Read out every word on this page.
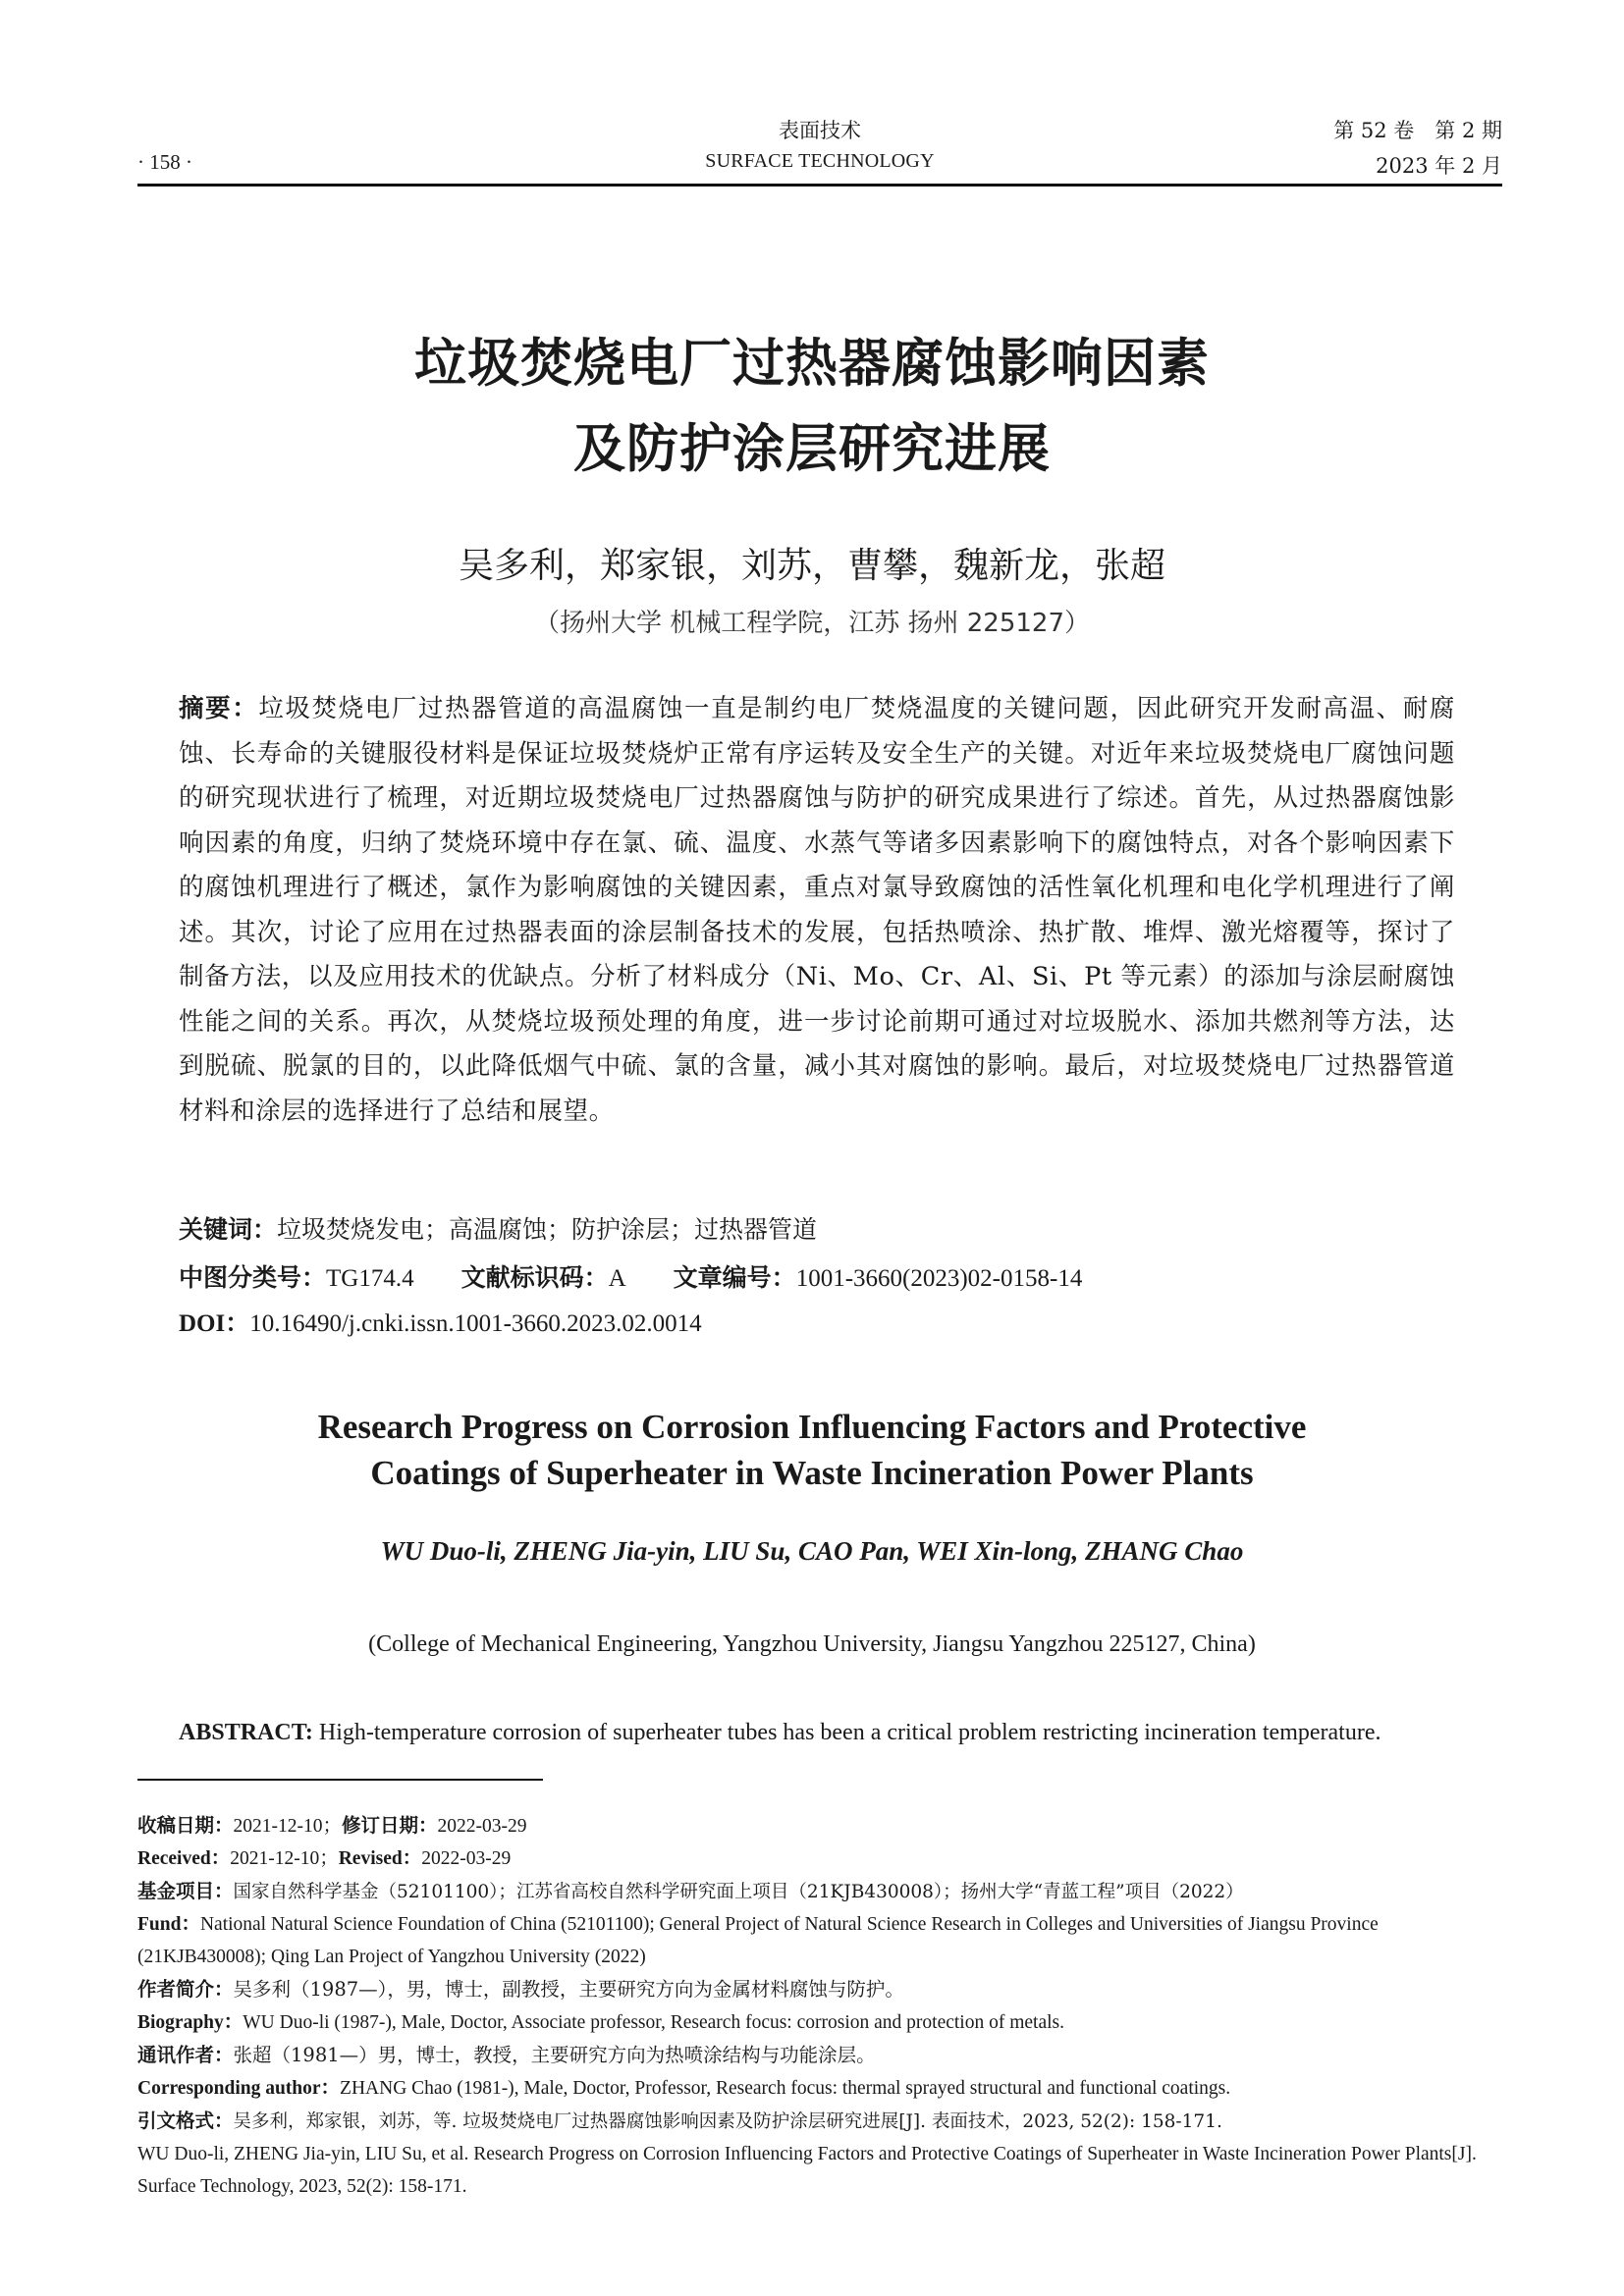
· 158 ·
表面技术
SURFACE TECHNOLOGY
第 52 卷　第 2 期
2023 年 2 月
垃圾焚烧电厂过热器腐蚀影响因素
及防护涂层研究进展
吴多利，郑家银，刘苏，曹攀，魏新龙，张超
（扬州大学 机械工程学院，江苏 扬州 225127）
摘要：垃圾焚烧电厂过热器管道的高温腐蚀一直是制约电厂焚烧温度的关键问题，因此研究开发耐高温、耐腐蚀、长寿命的关键服役材料是保证垃圾焚烧炉正常有序运转及安全生产的关键。对近年来垃圾焚烧电厂腐蚀问题的研究现状进行了梳理，对近期垃圾焚烧电厂过热器腐蚀与防护的研究成果进行了综述。首先，从过热器腐蚀影响因素的角度，归纳了焚烧环境中存在氯、硫、温度、水蒸气等诸多因素影响下的腐蚀特点，对各个影响因素下的腐蚀机理进行了概述，氯作为影响腐蚀的关键因素，重点对氯导致腐蚀的活性氧化机理和电化学机理进行了阐述。其次，讨论了应用在过热器表面的涂层制备技术的发展，包括热喷涂、热扩散、堆焊、激光熔覆等，探讨了制备方法，以及应用技术的优缺点。分析了材料成分（Ni、Mo、Cr、Al、Si、Pt 等元素）的添加与涂层耐腐蚀性能之间的关系。再次，从焚烧垃圾预处理的角度，进一步讨论前期可通过对垃圾脱水、添加共燃剂等方法，达到脱硫、脱氯的目的，以此降低烟气中硫、氯的含量，减小其对腐蚀的影响。最后，对垃圾焚烧电厂过热器管道材料和涂层的选择进行了总结和展望。
关键词：垃圾焚烧发电；高温腐蚀；防护涂层；过热器管道
中图分类号：TG174.4 文献标识码：A 文章编号：1001-3660(2023)02-0158-14
DOI：10.16490/j.cnki.issn.1001-3660.2023.02.0014
Research Progress on Corrosion Influencing Factors and Protective
Coatings of Superheater in Waste Incineration Power Plants
WU Duo-li, ZHENG Jia-yin, LIU Su, CAO Pan, WEI Xin-long, ZHANG Chao
(College of Mechanical Engineering, Yangzhou University, Jiangsu Yangzhou 225127, China)
ABSTRACT: High-temperature corrosion of superheater tubes has been a critical problem restricting incineration temperature.
收稿日期：2021-12-10；修订日期：2022-03-29
Received：2021-12-10；Revised：2022-03-29
基金项目：国家自然科学基金（52101100）；江苏省高校自然科学研究面上项目（21KJB430008）；扬州大学“青蓝工程”项目（2022）
Fund：National Natural Science Foundation of China (52101100); General Project of Natural Science Research in Colleges and Universities of Jiangsu Province (21KJB430008); Qing Lan Project of Yangzhou University (2022)
作者简介：吴多利（1987—），男，博士，副教授，主要研究方向为金属材料腐蚀与防护。
Biography：WU Duo-li (1987-), Male, Doctor, Associate professor, Research focus: corrosion and protection of metals.
通讯作者：张超（1981—）男，博士，教授，主要研究方向为热喷涂结构与功能涂层。
Corresponding author：ZHANG Chao (1981-), Male, Doctor, Professor, Research focus: thermal sprayed structural and functional coatings.
引文格式：吴多利，郑家银，刘苏，等. 垃圾焚烧电厂过热器腐蚀影响因素及防护涂层研究进展[J]. 表面技术，2023, 52(2): 158-171.
WU Duo-li, ZHENG Jia-yin, LIU Su, et al. Research Progress on Corrosion Influencing Factors and Protective Coatings of Superheater in Waste Incineration Power Plants[J]. Surface Technology, 2023, 52(2): 158-171.
